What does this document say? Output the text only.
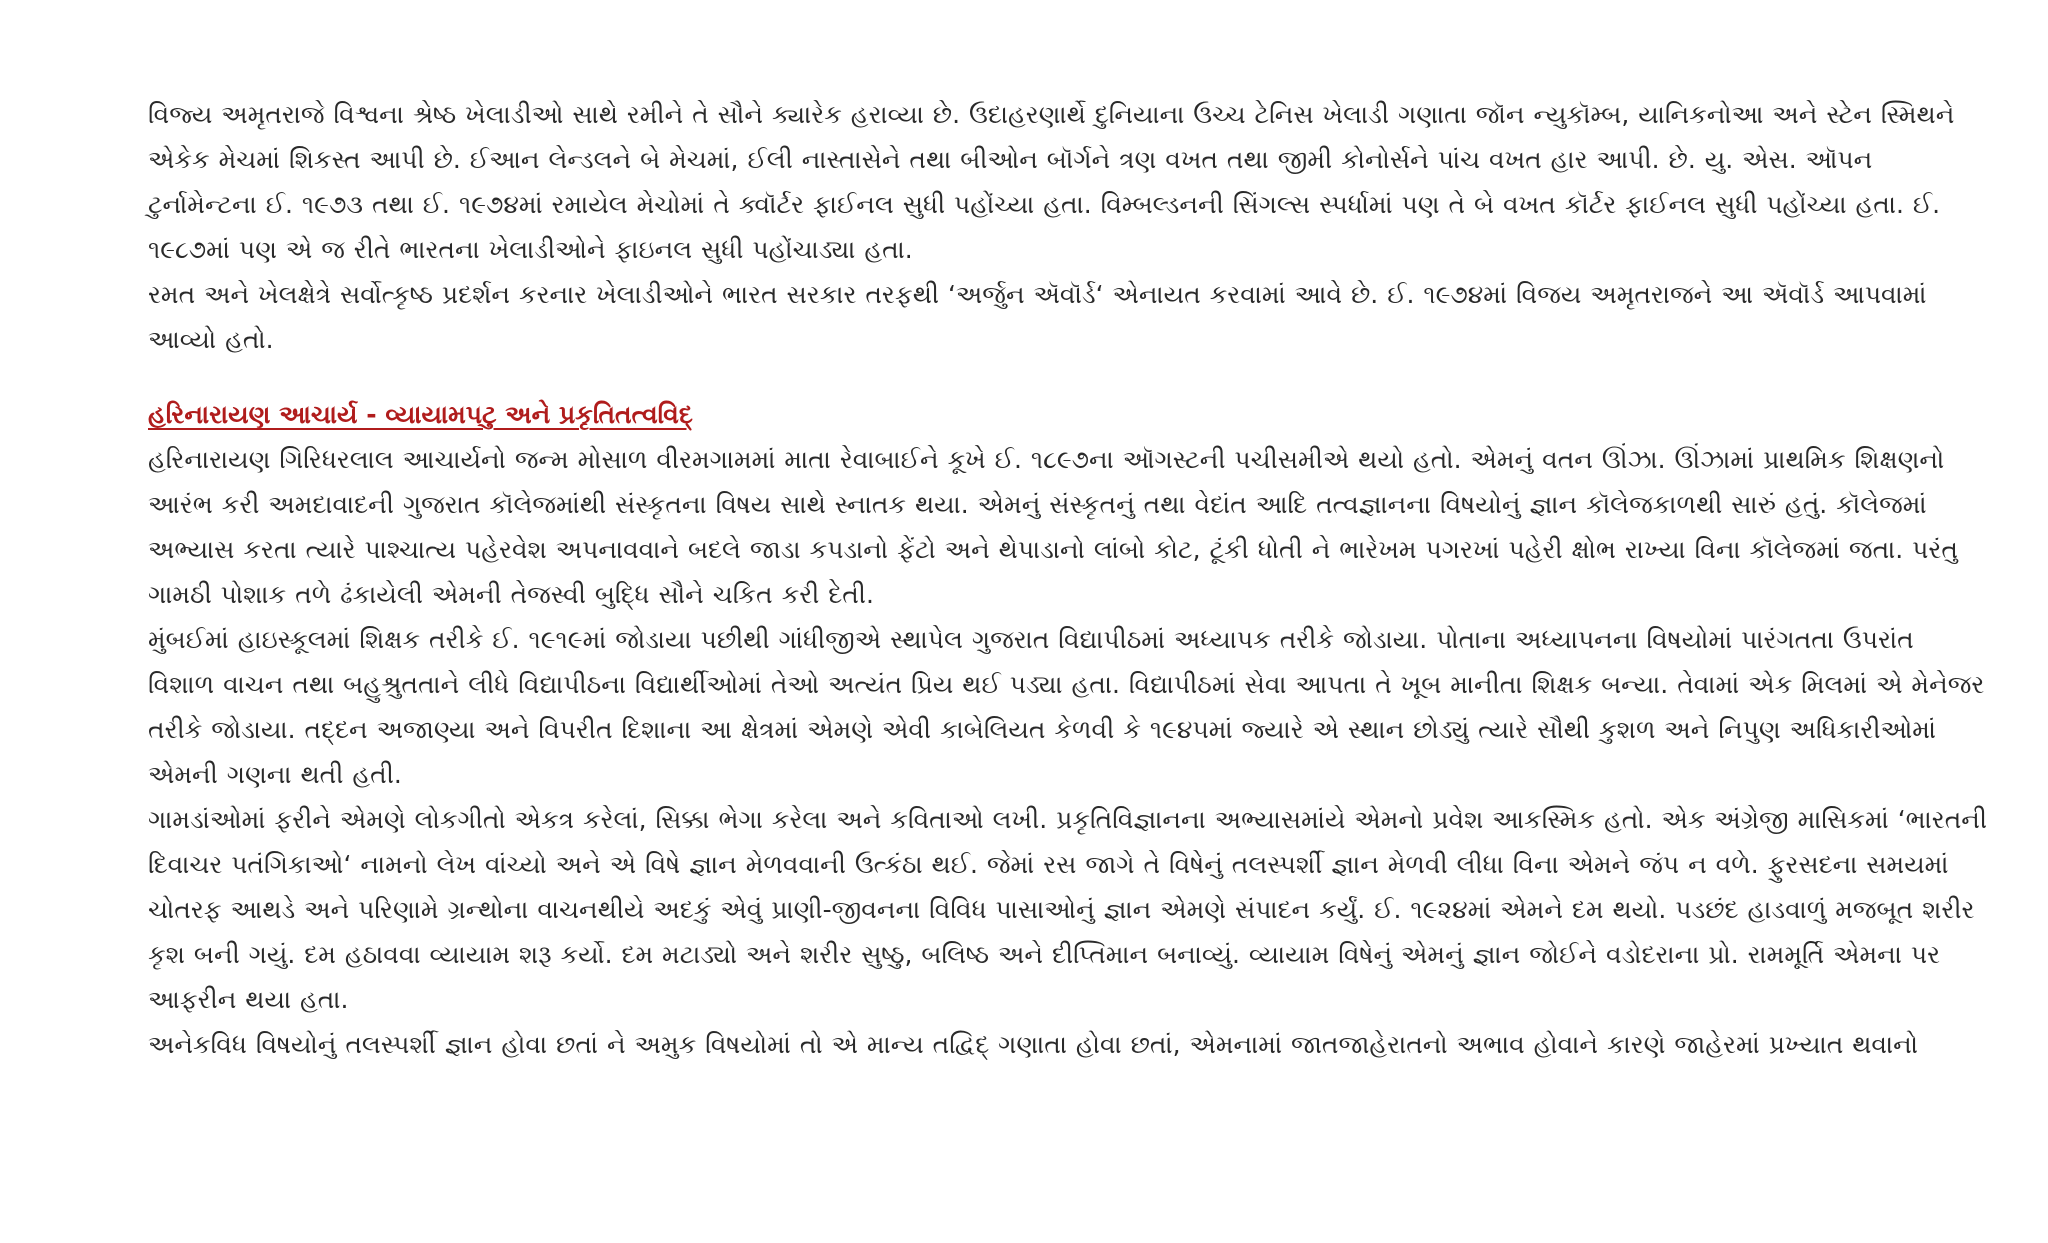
વિજ્ય અમૃતરાજે વિશ્વના શ્રેષ્ઠ ખેલાડીઓ સાથે રમીને તે સૌને ક્યારેક હરાવ્યા છે. ઉદાહરણાર્થે દુનિયાના ઉચ્ચ ટેનિસ ખેલાડી ગણાતા જૉન ન્યુકૉમ્બ, યાનિકનોઆ અને સ્ટેન સ્મિથને એકેક મેચમાં શિકસ્ત આપી છે. ઈઆન લેન્ડલને બે મેચમાં, ઈલી નાસ્તાસેને તથા બીઓન બૉર્ગને ત્રણ વખત તથા જીમી કોનોર્સને પાંચ વખત હાર આપી. છે. યુ. એસ. ઑપન ટુર્નામેન્ટના ઈ. ૧૯૭૩ તથા ઈ. ૧૯૭૪માં રમાયેલ મેચોમાં તે ક્વૉર્ટર ફાઈનલ સુધી પહોંચ્યા હતા. વિમ્બલ્ડનની સિંગલ્સ સ્પર્ધામાં પણ તે બે વખત કૉર્ટર ફાઈનલ સુધી પહોંચ્યા હતા. ઈ. ૧૯૮૭માં પણ એ જ રીતે ભારતના ખેલાડીઓને ફાઇનલ સુધી પહોંચાડ્યા હતા.

રમત અને ખેલક્ષેત્રે સર્વોત્કૃષ્ઠ પ્રદર્શન કરનાર ખેલાડીઓને ભારત સરકાર તરફથી ‘અર્જુન ઍવૉર્ડ‘ એનાયત કરવામાં આવે છે. ઈ. ૧૯૭૪માં વિજય અમૃતરાજને આ ઍવૉર્ડ આપવામાં આવ્યો હતો.

હરિનારાયણ આચાર્ય - વ્યાયામપટુ અને પ્રકૃતિતત્વવિદ્

હરિનારાયણ ગિરિધરલાલ આચાર્યનો જન્મ મોસાળ વીરમગામમાં માતા રેવાબાઈને કૂખે ઈ. ૧૮૯૭ના ઑગસ્ટની પચીસમીએ થયો હતો. એમનું વતન ઊંઝા. ઊંઝામાં પ્રાથમિક શિક્ષણનો આરંભ કરી અમદાવાદની ગુજરાત કૉલેજમાંથી સંસ્કૃતના વિષય સાથે સ્નાતક થયા. એમનું સંસ્કૃતનું તથા વેદાંત આદિ તત્વજ્ઞાનના વિષયોનું જ્ઞાન કૉલેજકાળથી સારું હતું. કૉલેજમાં અભ્યાસ કરતા ત્યારે પાશ્ચાત્ય પહેરવેશ અપનાવવાને બદલે જાડા કપડાનો ફેંટો અને થેપાડાનો લાંબો કોટ, ટૂંકી ધોતી ને ભારેખમ પગરખાં પહેરી ક્ષોભ રાખ્યા વિના કૉલેજમાં જતા. પરંતુ ગામઠી પોશાક તળે ઢંકાયેલી એમની તેજસ્વી બુદ્ધિ સૌને ચકિત કરી દેતી.

મુંબઈમાં હાઇસ્કૂલમાં શિક્ષક તરીકે ઈ. ૧૯૧૯માં જોડાયા પછીથી ગાંધીજીએ સ્થાપેલ ગુજરાત વિદ્યાપીઠમાં અધ્યાપક તરીકે જોડાયા. પોતાના અધ્યાપનના વિષયોમાં પારંગતતા ઉપરાંત વિશાળ વાચન તથા બહુશ્રુતતાને લીધે વિદ્યાપીઠના વિદ્યાર્થીઓમાં તેઓ અત્યંત પ્રિય થઈ પડ્યા હતા. વિદ્યાપીઠમાં સેવા આપતા તે ખૂબ માનીતા શિક્ષક બન્યા. તેવામાં એક મિલમાં એ મેનેજર તરીકે જોડાયા. તદ્દન અજાણ્યા અને વિપરીત દિશાના આ ક્ષેત્રમાં એમણે એવી કાબેલિયત કેળવી કે ૧૯૪૫માં જ્યારે એ સ્થાન છોડ્યું ત્યારે સૌથી કુશળ અને નિપુણ અધિકારીઓમાં એમની ગણના થતી હતી.

ગામડાંઓમાં ફરીને એમણે લોકગીતો એકત્ર કરેલાં, સિક્કા ભેગા કરેલા અને કવિતાઓ લખી. પ્રકૃતિવિજ્ઞાનના અભ્યાસમાંયે એમનો પ્રવેશ આકસ્મિક હતો. એક અંગ્રેજી માસિકમાં ‘ભારતની દિવાચર પતંગિકાઓ‘ નામનો લેખ વાંચ્યો અને એ વિષે જ્ઞાન મેળવવાની ઉત્કંઠા થઈ. જેમાં રસ જાગે તે વિષેનું તલસ્પર્શી જ્ઞાન મેળવી લીધા વિના એમને જંપ ન વળે. ફુરસદના સમયમાં ચોતરફ આથડે અને પરિણામે ગ્રન્થોના વાચનથીયે અદકું એવું પ્રાણી-જીવનના વિવિધ પાસાઓનું જ્ઞાન એમણે સંપાદન કર્યું. ઈ. ૧૯૨૪માં એમને દમ થયો. પડછંદ હાડવાળું મજબૂત શરીર કૃશ બની ગયું. દમ હઠાવવા વ્યાયામ શરૂ કર્યો. દમ મટાડ્યો અને શરીર સુષ્ઠુ, બલિષ્ઠ અને દીપ્તિમાન બનાવ્યું. વ્યાયામ વિષેનું એમનું જ્ઞાન જોઈને વડોદરાના પ્રો. રામમૂર્તિ એમના પર આફરીન થયા હતા.

અનેકવિધ વિષયોનું તલસ્પર્શી જ્ઞાન હોવા છતાં ને અમુક વિષયોમાં તો એ માન્ય તદ્વિદ્ ગણાતા હોવા છતાં, એમનામાં જાતજાહેરાતનો અભાવ હોવાને કારણે જાહેરમાં પ્રખ્યાત થવાનો
